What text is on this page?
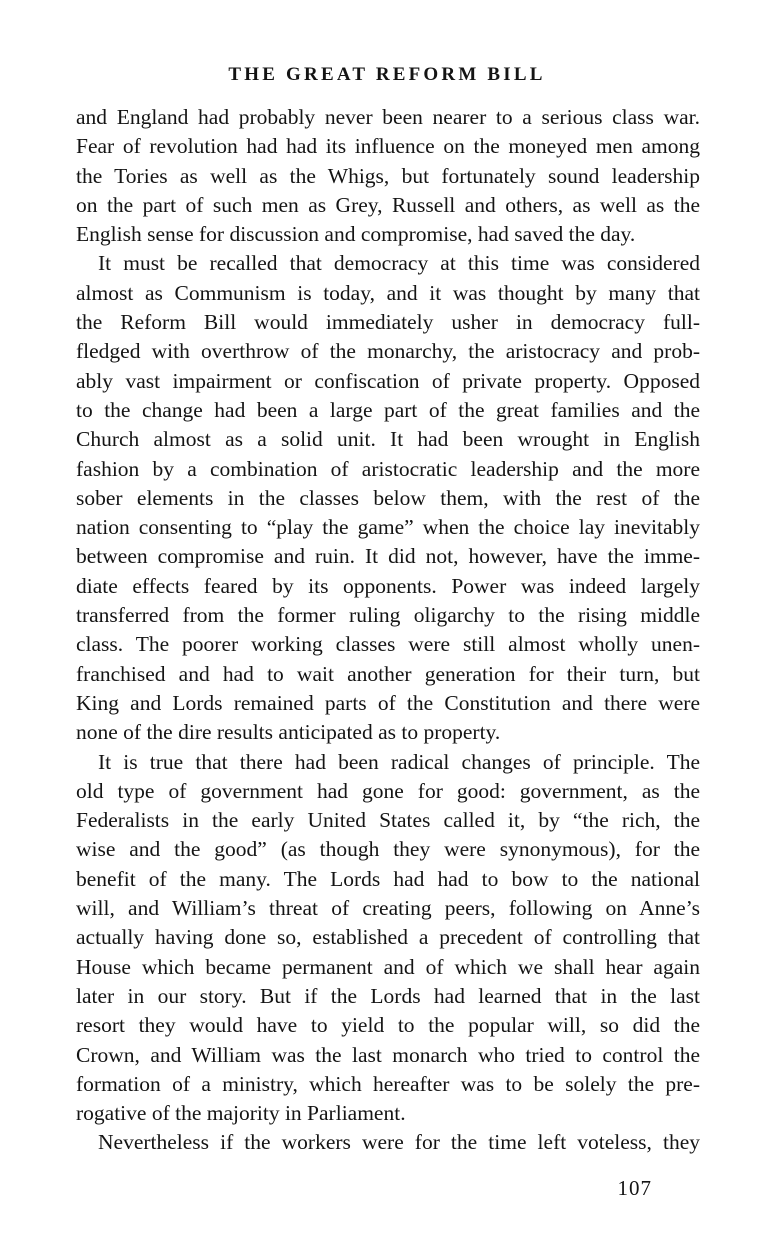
THE GREAT REFORM BILL
and England had probably never been nearer to a serious class war.
Fear of revolution had had its influence on the moneyed men among
the Tories as well as the Whigs, but fortunately sound leadership
on the part of such men as Grey, Russell and others, as well as the
English sense for discussion and compromise, had saved the day.
It must be recalled that democracy at this time was considered
almost as Communism is today, and it was thought by many that
the Reform Bill would immediately usher in democracy full-
fledged with overthrow of the monarchy, the aristocracy and prob-
ably vast impairment or confiscation of private property. Opposed
to the change had been a large part of the great families and the
Church almost as a solid unit. It had been wrought in English
fashion by a combination of aristocratic leadership and the more
sober elements in the classes below them, with the rest of the
nation consenting to “play the game” when the choice lay inevitably
between compromise and ruin. It did not, however, have the imme-
diate effects feared by its opponents. Power was indeed largely
transferred from the former ruling oligarchy to the rising middle
class. The poorer working classes were still almost wholly unen-
franchised and had to wait another generation for their turn, but
King and Lords remained parts of the Constitution and there were
none of the dire results anticipated as to property.
It is true that there had been radical changes of principle. The
old type of government had gone for good: government, as the
Federalists in the early United States called it, by “the rich, the
wise and the good” (as though they were synonymous), for the
benefit of the many. The Lords had had to bow to the national
will, and William’s threat of creating peers, following on Anne’s
actually having done so, established a precedent of controlling that
House which became permanent and of which we shall hear again
later in our story. But if the Lords had learned that in the last
resort they would have to yield to the popular will, so did the
Crown, and William was the last monarch who tried to control the
formation of a ministry, which hereafter was to be solely the pre-
rogative of the majority in Parliament.
Nevertheless if the workers were for the time left voteless, they
107
